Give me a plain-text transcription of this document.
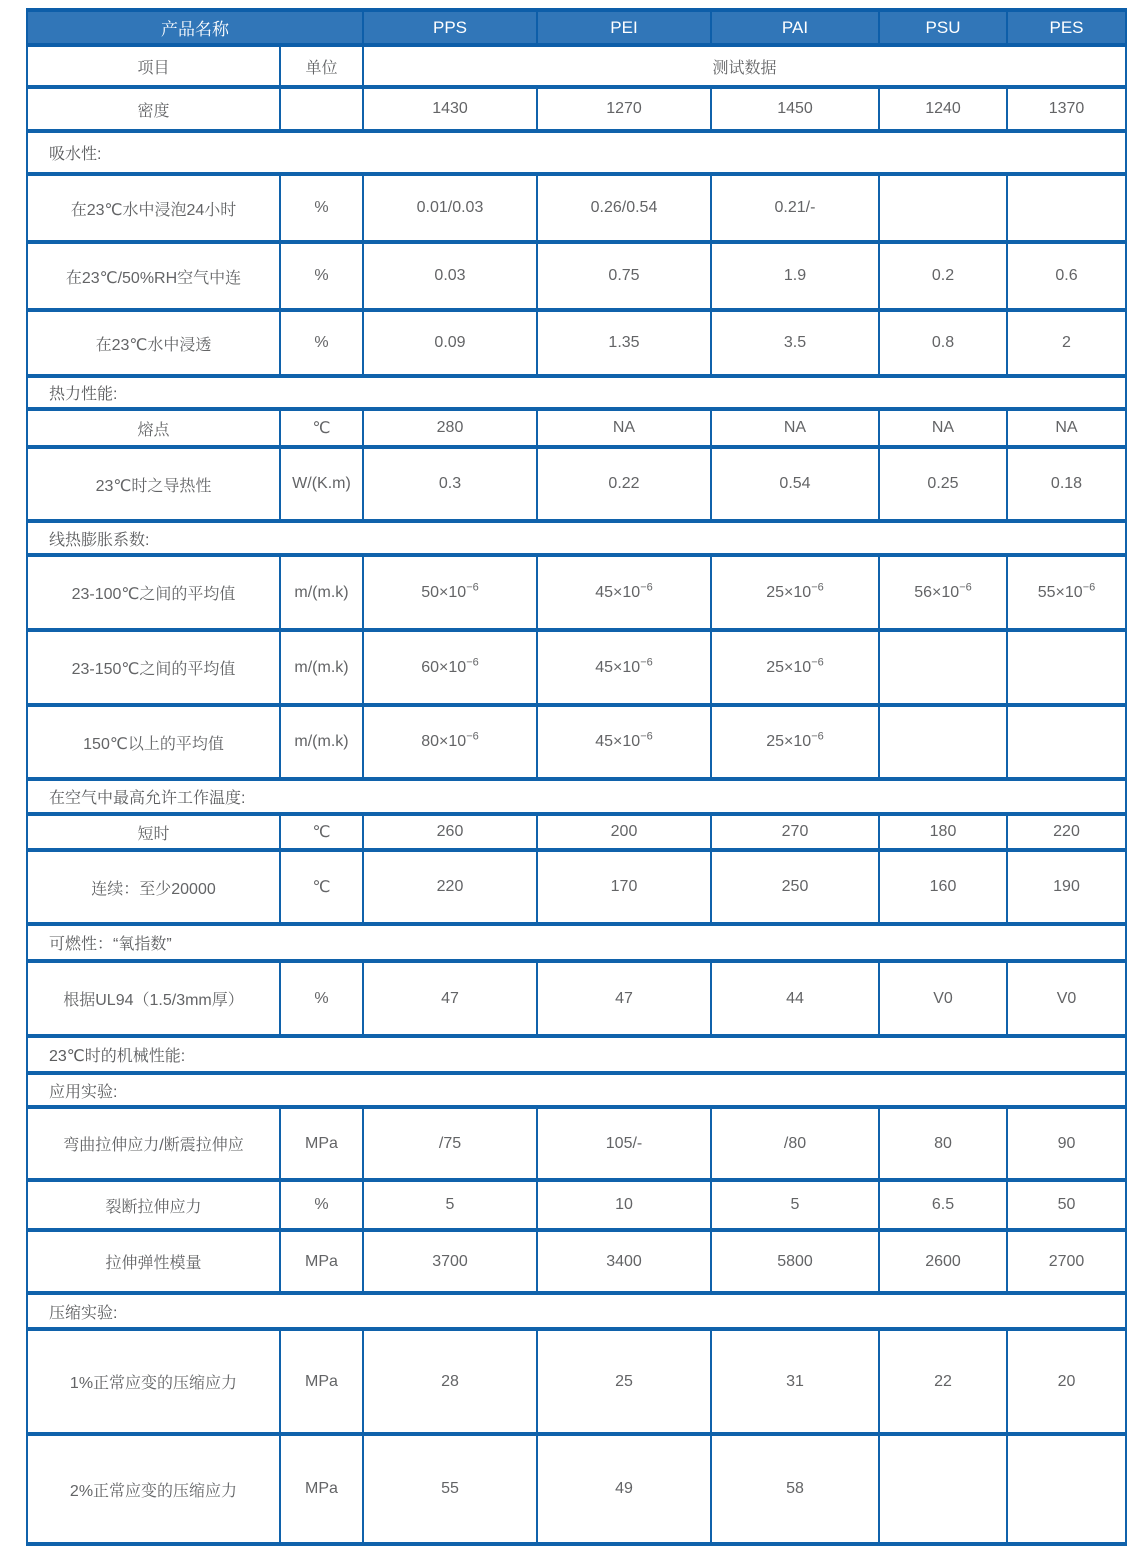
产品名称		PPS	PEI	PAI	PSU	PES
项目	单位	测试数据				
密度		1430	1270	1450	1240	1370
吸水性:						
在23℃水中浸泡24小时	%	0.01/0.03	0.26/0.54	0.21/-		
在23℃/50%RH空气中连	%	0.03	0.75	1.9	0.2	0.6
在23℃水中浸透	%	0.09	1.35	3.5	0.8	2
热力性能:						
熔点	℃	280	NA	NA	NA	NA
23℃时之导热性	W/(K.m)	0.3	0.22	0.54	0.25	0.18
线热膨胀系数:						
23-100℃之间的平均值	m/(m.k)	$50\times 10^{-6}$	$45\times 10^{-6}$	$25\times 10^{-6}$	$56\times 10^{-6}$	$55\times 10^{-6}$
23-150℃之间的平均值	m/(m.k)	$60\times 10^{-6}$	$45\times 10^{-6}$	$25\times 10^{-6}$		
150℃以上的平均值	m/(m.k)	$80\times 10^{-6}$	$45\times 10^{-6}$	$25\times 10^{-6}$		
在空气中最高允许工作温度:						
短时	℃	260	200	270	180	220
连续：至少20000	℃	220	170	250	160	190
可燃性：“氧指数”						
根据UL94（1.5/3mm厚）	%	47	47	44	V0	V0
23℃时的机械性能:						
应用实验:						
弯曲拉伸应力/断震拉伸应	MPa	/75	105/-	/80	80	90
裂断拉伸应力	%	5	10	5	6.5	50
拉伸弹性模量	MPa	3700	3400	5800	2600	2700
压缩实验:						
1%正常应变的压缩应力	MPa	28	25	31	22	20
2%正常应变的压缩应力	MPa	55	49	58		
